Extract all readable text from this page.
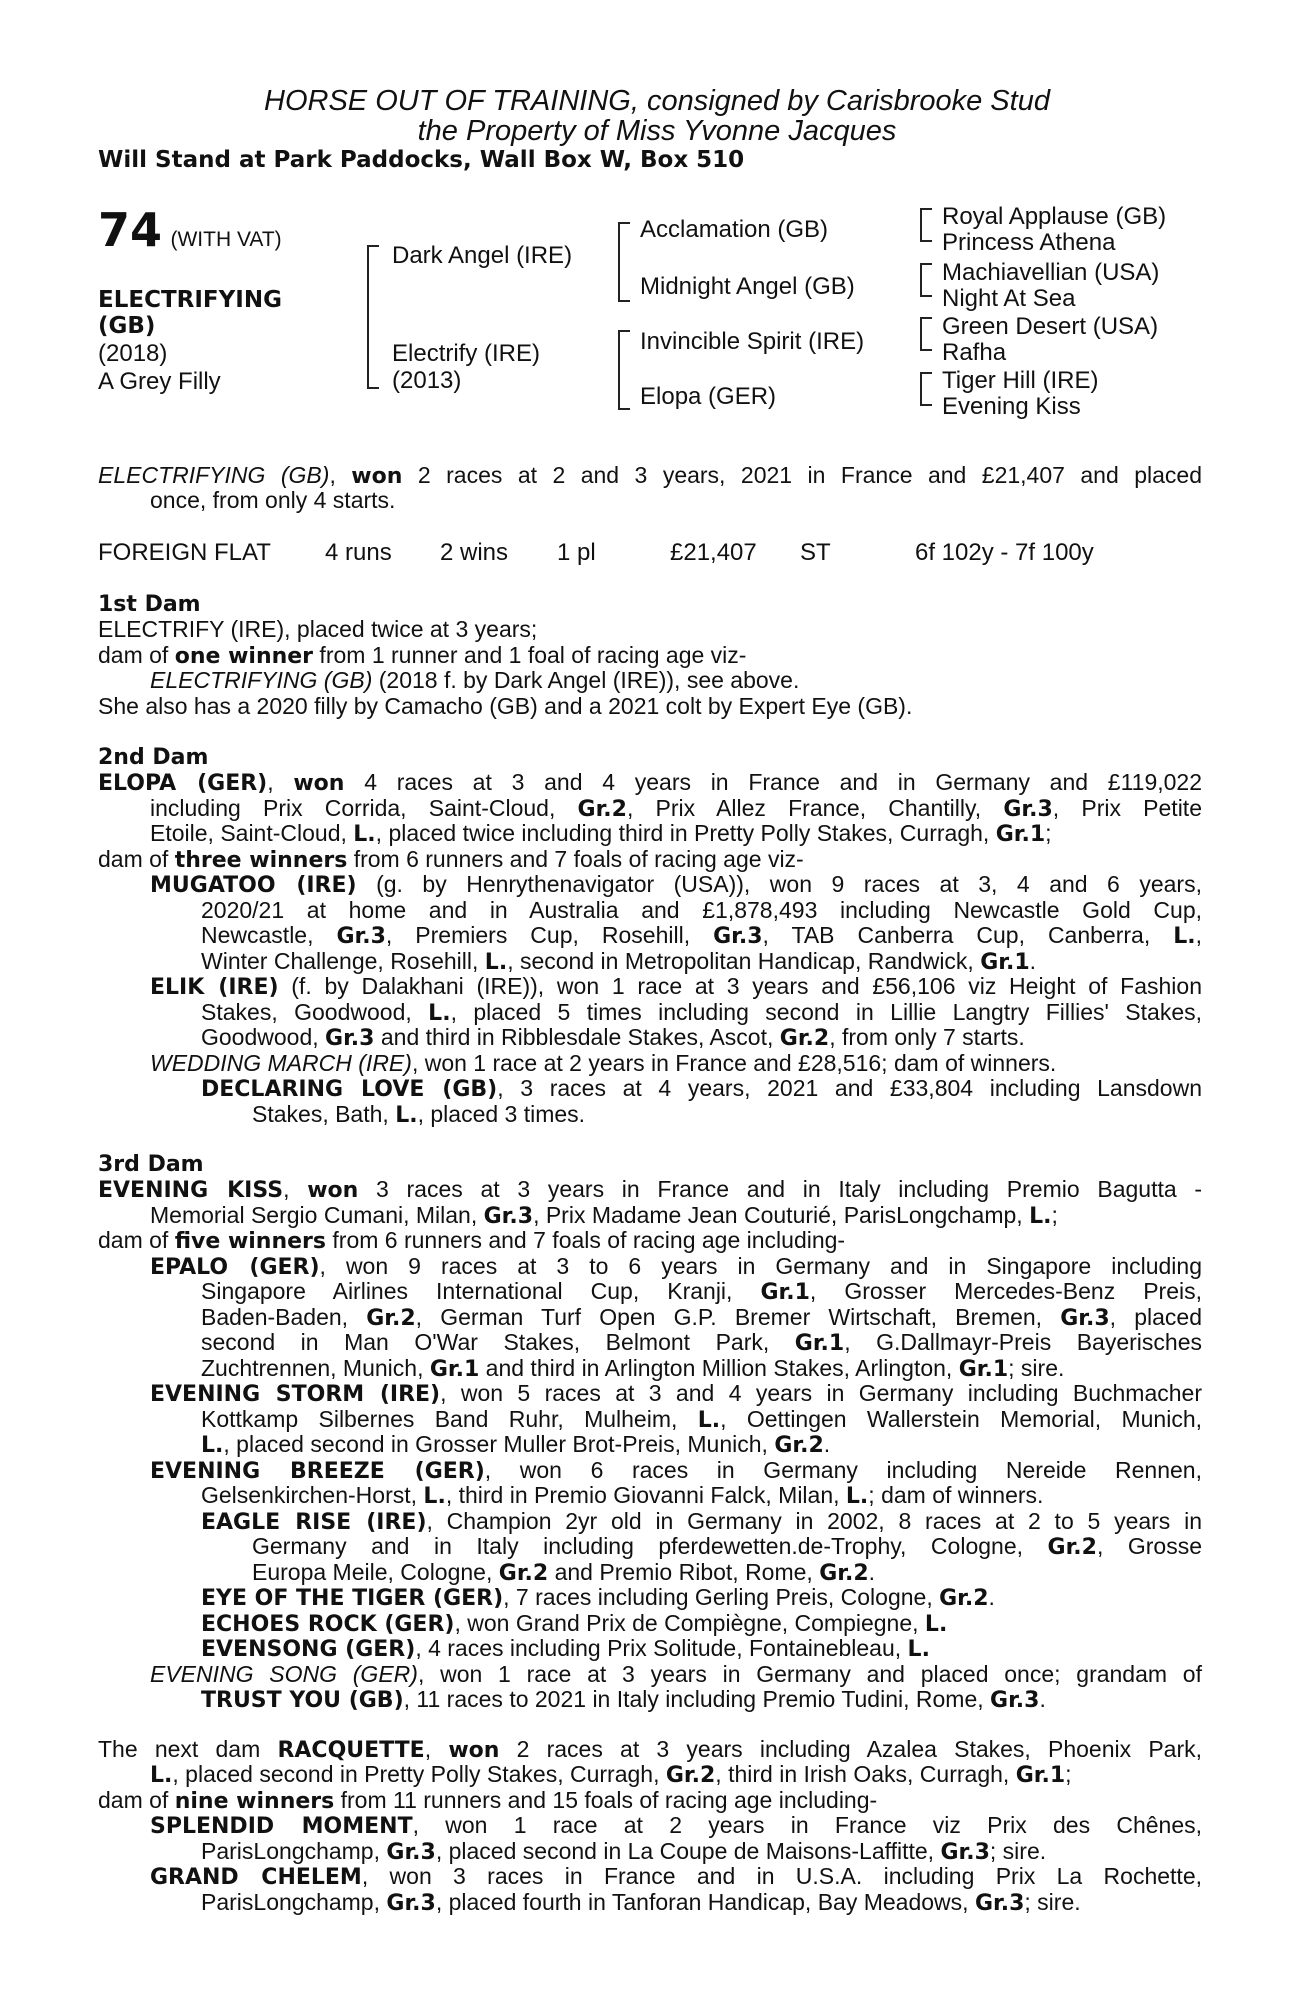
HORSE OUT OF TRAINING, consigned by Carisbrooke Stud
the Property of Miss Yvonne Jacques
Will Stand at Park Paddocks, Wall Box W, Box 510
74 (WITH VAT)
ELECTRIFYING
(GB)
(2018)
A Grey Filly
Dark Angel (IRE)
Electrify (IRE)
(2013)
Acclamation (GB)
Midnight Angel (GB)
Invincible Spirit (IRE)
Elopa (GER)
Royal Applause (GB)
Princess Athena
Machiavellian (USA)
Night At Sea
Green Desert (USA)
Rafha
Tiger Hill (IRE)
Evening Kiss
ELECTRIFYING (GB), won 2 races at 2 and 3 years, 2021 in France and £21,407 and placed
once, from only 4 starts.
FOREIGN FLAT 4 runs 2 wins 1 pl	£21,407 ST	6f 102y - 7f 100y
1st Dam
ELECTRIFY (IRE), placed twice at 3 years;
dam of one winner from 1 runner and 1 foal of racing age viz-
ELECTRIFYING (GB) (2018 f. by Dark Angel (IRE)), see above.
She also has a 2020 filly by Camacho (GB) and a 2021 colt by Expert Eye (GB).
2nd Dam
ELOPA (GER), won 4 races at 3 and 4 years in France and in Germany and £119,022
including Prix Corrida, Saint-Cloud, Gr.2, Prix Allez France, Chantilly, Gr.3, Prix Petite
Etoile, Saint-Cloud, L., placed twice including third in Pretty Polly Stakes, Curragh, Gr.1;
dam of three winners from 6 runners and 7 foals of racing age viz-
MUGATOO (IRE) (g. by Henrythenavigator (USA)), won 9 races at 3, 4 and 6 years,
2020/21 at home and in Australia and £1,878,493 including Newcastle Gold Cup,
Newcastle, Gr.3, Premiers Cup, Rosehill, Gr.3, TAB Canberra Cup, Canberra, L.,
Winter Challenge, Rosehill, L., second in Metropolitan Handicap, Randwick, Gr.1.
ELIK (IRE) (f. by Dalakhani (IRE)), won 1 race at 3 years and £56,106 viz Height of Fashion
Stakes, Goodwood, L., placed 5 times including second in Lillie Langtry Fillies' Stakes,
Goodwood, Gr.3 and third in Ribblesdale Stakes, Ascot, Gr.2, from only 7 starts.
WEDDING MARCH (IRE), won 1 race at 2 years in France and £28,516; dam of winners.
DECLARING LOVE (GB), 3 races at 4 years, 2021 and £33,804 including Lansdown
Stakes, Bath, L., placed 3 times.
3rd Dam
EVENING KISS, won 3 races at 3 years in France and in Italy including Premio Bagutta -
Memorial Sergio Cumani, Milan, Gr.3, Prix Madame Jean Couturié, ParisLongchamp, L.;
dam of five winners from 6 runners and 7 foals of racing age including-
EPALO (GER), won 9 races at 3 to 6 years in Germany and in Singapore including
Singapore Airlines International Cup, Kranji, Gr.1, Grosser Mercedes-Benz Preis,
Baden-Baden, Gr.2, German Turf Open G.P. Bremer Wirtschaft, Bremen, Gr.3, placed
second in Man O'War Stakes, Belmont Park, Gr.1, G.Dallmayr-Preis Bayerisches
Zuchtrennen, Munich, Gr.1 and third in Arlington Million Stakes, Arlington, Gr.1; sire.
EVENING STORM (IRE), won 5 races at 3 and 4 years in Germany including Buchmacher
Kottkamp Silbernes Band Ruhr, Mulheim, L., Oettingen Wallerstein Memorial, Munich,
L., placed second in Grosser Muller Brot-Preis, Munich, Gr.2.
EVENING BREEZE (GER), won 6 races in Germany including Nereide Rennen,
Gelsenkirchen-Horst, L., third in Premio Giovanni Falck, Milan, L.; dam of winners.
EAGLE RISE (IRE), Champion 2yr old in Germany in 2002, 8 races at 2 to 5 years in
Germany and in Italy including pferdewetten.de-Trophy, Cologne, Gr.2, Grosse
Europa Meile, Cologne, Gr.2 and Premio Ribot, Rome, Gr.2.
EYE OF THE TIGER (GER), 7 races including Gerling Preis, Cologne, Gr.2.
ECHOES ROCK (GER), won Grand Prix de Compiègne, Compiegne, L.
EVENSONG (GER), 4 races including Prix Solitude, Fontainebleau, L.
EVENING SONG (GER), won 1 race at 3 years in Germany and placed once; grandam of
TRUST YOU (GB), 11 races to 2021 in Italy including Premio Tudini, Rome, Gr.3.
The next dam RACQUETTE, won 2 races at 3 years including Azalea Stakes, Phoenix Park,
L., placed second in Pretty Polly Stakes, Curragh, Gr.2, third in Irish Oaks, Curragh, Gr.1;
dam of nine winners from 11 runners and 15 foals of racing age including-
SPLENDID MOMENT, won 1 race at 2 years in France viz Prix des Chênes,
ParisLongchamp, Gr.3, placed second in La Coupe de Maisons-Laffitte, Gr.3; sire.
GRAND CHELEM, won 3 races in France and in U.S.A. including Prix La Rochette,
ParisLongchamp, Gr.3, placed fourth in Tanforan Handicap, Bay Meadows, Gr.3; sire.
